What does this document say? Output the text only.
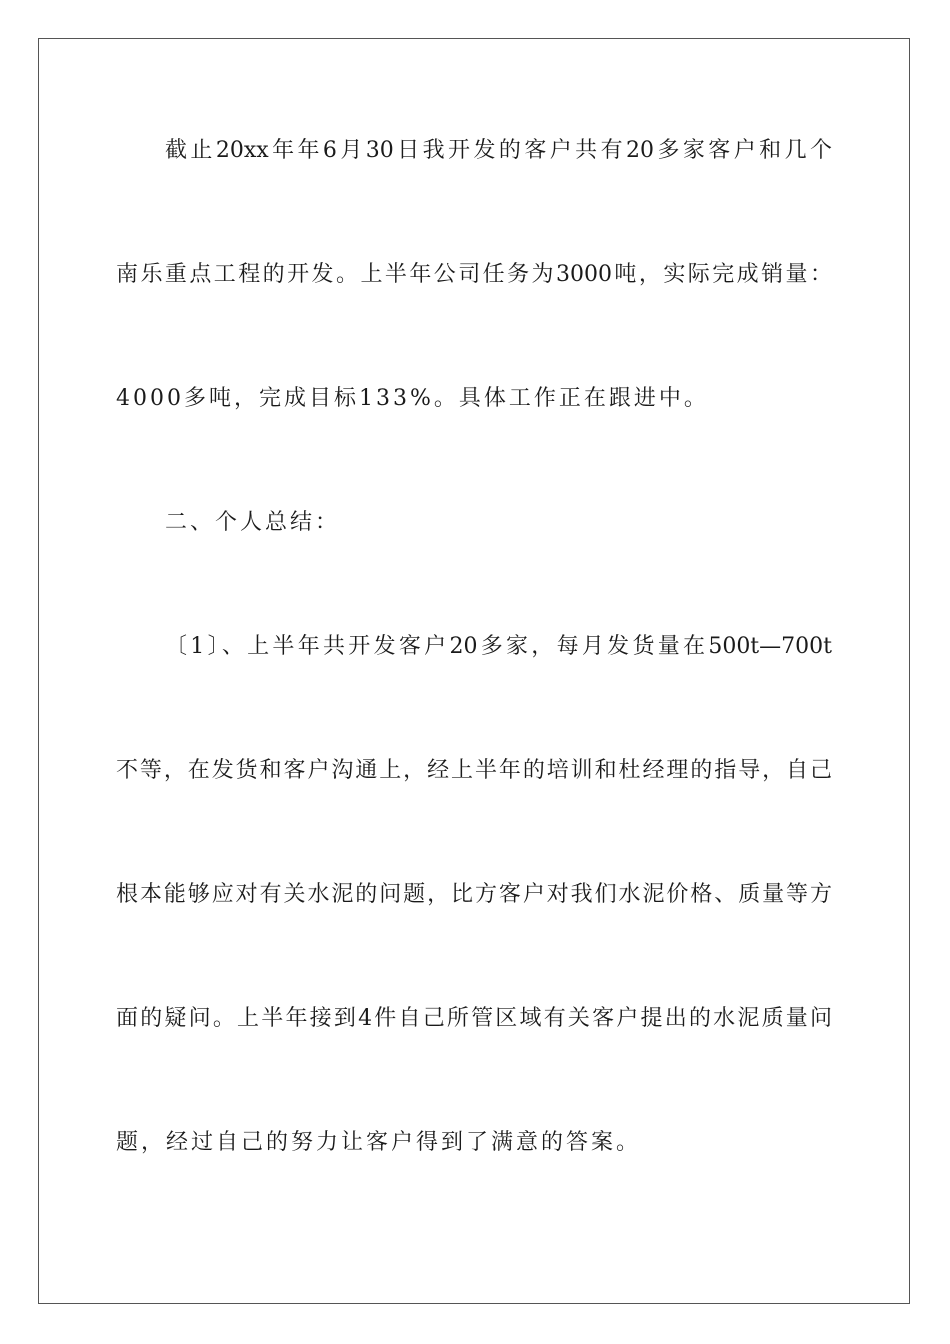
截止20xx年年6月30日我开发的客户共有20多家客户和几个
南乐重点工程的开发。上半年公司任务为3000吨，实际完成销量：
4000多吨，完成目标133%。具体工作正在跟进中。
二、个人总结：
〔1〕、上半年共开发客户20多家，每月发货量在500t—700t
不等，在发货和客户沟通上，经上半年的培训和杜经理的指导，自己
根本能够应对有关水泥的问题，比方客户对我们水泥价格、质量等方
面的疑问。上半年接到4件自己所管区域有关客户提出的水泥质量问
题，经过自己的努力让客户得到了满意的答案。
